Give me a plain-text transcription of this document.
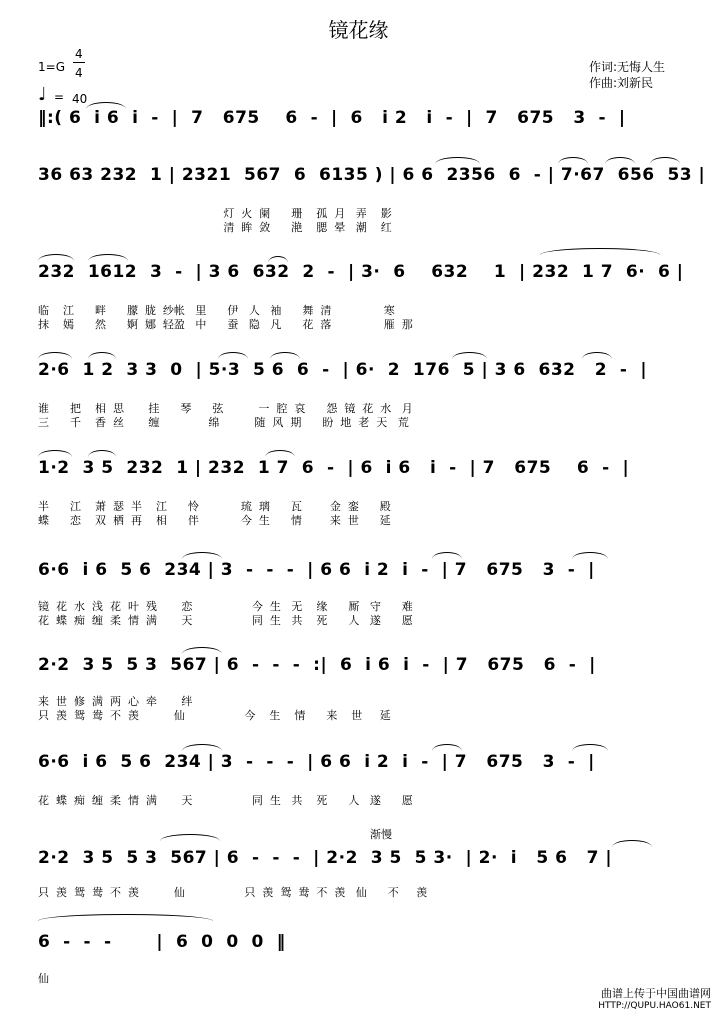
镜花缘
1=G
4
4
♩ = 40
作词:无悔人生
作曲:刘新民
‖:( 6  i 6  i  -  |  7   675    6  -  |  6   i 2   i  -  |  7   675   3  -  |
36 63 232  1 | 2321  567  6  6135 ) | 6 6  2356  6  - | 7·67  656  53 |
灯  火  阑      珊    孤  月   弄    影
清  眸  敛      滟    腮  晕   潮    红
232  1612  3  -  | 3 6  632  2  -  | 3·  6    632    1  | 232  1 7  6·  6 |
临    江      畔      朦  胧  纱帐   里      伊   人   袖      舞  清               寒
抹    嫣      然      婀  娜  轻盈   中      蚕   隐   凡      花  落               雁  那
2·6  1 2  3 3  0  | 5·3  5 6  6  -  | 6·  2  176  5 | 3 6  632   2  -  |
谁      把    相  思       挂      琴      弦          一  腔  哀      怨  镜  花  水   月
三      千    香  丝       缠              绵          随  风  期      盼  地  老  天   荒
1·2  3 5  232  1 | 232  1 7  6  -  | 6  i 6   i  -  | 7   675    6  -  |
半      江    萧  瑟  半    江      怜            琉  璃      瓦        金  銮      殿
蝶      恋    双  栖  再    相      伴            今  生      情        来  世      延
6·6  i 6  5 6  234 | 3  -  -  -  | 6 6  i 2  i  -  | 7   675   3  -  |
镜  花  水  浅  花  叶  残       恋                 今  生   无    缘      厮   守      难
花  蝶  痴  缠  柔  情  满       天                 同  生   共    死      人   遂      愿
2·2  3 5  5 3  567 | 6  -  -  -  :|  6  i 6  i  -  | 7   675   6  -  |
来  世  修  满  两  心  牵       绊
只  羡  鸳  鸯  不  羡          仙                 今    生    情      来    世     延
6·6  i 6  5 6  234 | 3  -  -  -  | 6 6  i 2  i  -  | 7   675   3  -  |
花  蝶  痴  缠  柔  情  满       天                 同  生   共    死      人   遂      愿
渐慢
2·2  3 5  5 3  567 | 6  -  -  -  | 2·2  3 5  5 3·  | 2·  i   5 6   7 |
只  羡  鸳  鸯  不  羡          仙                 只  羡  鸳  鸯  不  羡   仙      不     羡
6  -  -  -       |  6  0  0  0  ‖
仙
曲谱上传于中国曲谱网
HTTP://QUPU.HAO61.NET
